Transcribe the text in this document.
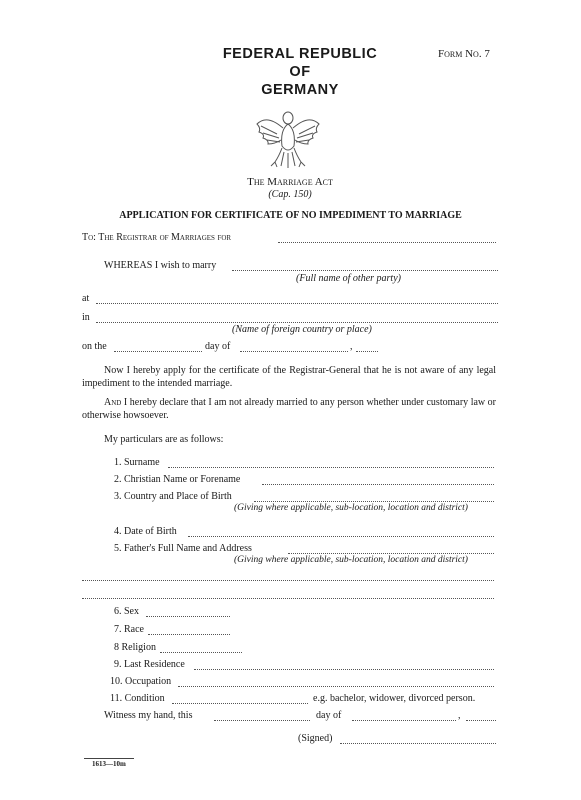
FEDERAL REPUBLIC
OF
GERMANY
Form No. 7
The Marriage Act
(Cap. 150)
APPLICATION FOR CERTIFICATE OF NO IMPEDIMENT TO MARRIAGE
To: The Registrar of Marriages for
WHEREAS I wish to marry
(Full name of other party)
at
in
(Name of foreign country or place)
on the	day of	,
Now I hereby apply for the certificate of the Registrar-General that he is not aware of any legal impediment to the intended marriage.
And I hereby declare that I am not already married to any person whether under customary law or otherwise howsoever.
My particulars are as follows:
1. Surname
2. Christian Name or Forename
3. Country and Place of Birth
(Giving where applicable, sub-location, location and district)
4. Date of Birth
5. Father's Full Name and Address
(Giving where applicable, sub-location, location and district)
6. Sex
7. Race
8 Religion
9. Last Residence
10. Occupation
11. Condition	e.g. bachelor, widower, divorced person.
Witness my hand, this	day of	,
(Signed)
1613—10m
